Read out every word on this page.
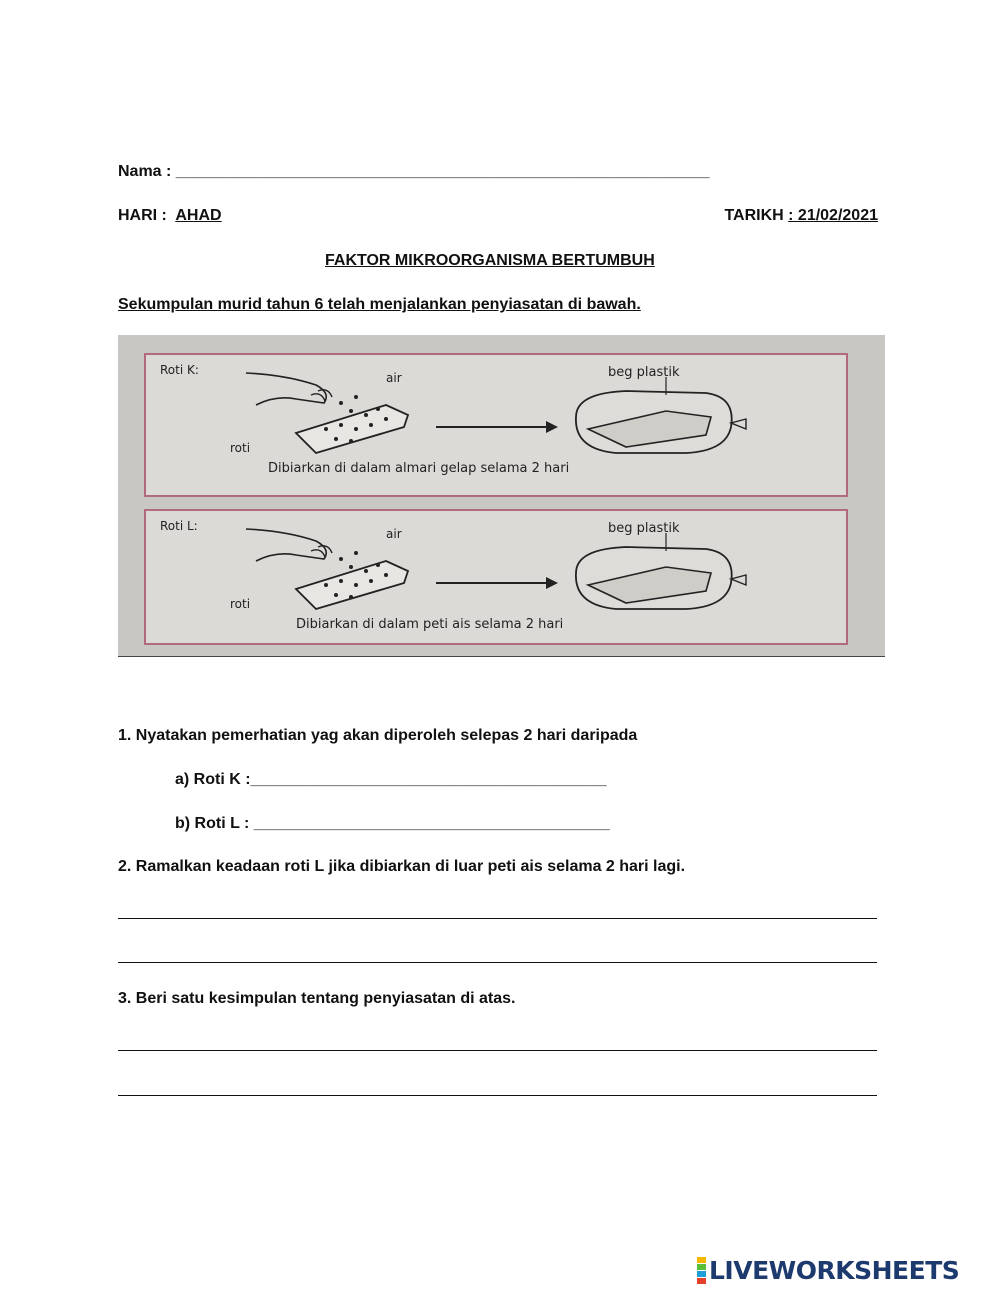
Nama : ____________________________________________________________
HARI : AHAD	TARIKH : 21/02/2021
FAKTOR MIKROORGANISMA BERTUMBUH
Sekumpulan murid tahun 6 telah menjalankan penyiasatan di bawah.
Roti K:
air
roti
beg plastik
Dibiarkan di dalam almari gelap selama 2 hari
Roti L:
air
roti
beg plastik
Dibiarkan di dalam peti ais selama 2 hari
1. Nyatakan pemerhatian yag akan diperoleh selepas 2 hari daripada
a) Roti K :________________________________________
b) Roti L : ________________________________________
2. Ramalkan keadaan roti L jika dibiarkan di luar peti ais selama 2 hari lagi.
3. Beri satu kesimpulan tentang penyiasatan di atas.
LIVEWORKSHEETS
